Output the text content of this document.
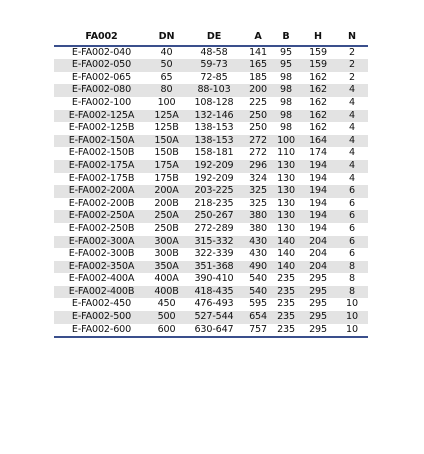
FA002	DN	DE	A	B	H	N
E-FA002-040	40	48-58	141	95	159	2
E-FA002-050	50	59-73	165	95	159	2
E-FA002-065	65	72-85	185	98	162	2
E-FA002-080	80	88-103	200	98	162	4
E-FA002-100	100	108-128	225	98	162	4
E-FA002-125A	125A	132-146	250	98	162	4
E-FA002-125B	125B	138-153	250	98	162	4
E-FA002-150A	150A	138-153	272	100	164	4
E-FA002-150B	150B	158-181	272	110	174	4
E-FA002-175A	175A	192-209	296	130	194	4
E-FA002-175B	175B	192-209	324	130	194	4
E-FA002-200A	200A	203-225	325	130	194	6
E-FA002-200B	200B	218-235	325	130	194	6
E-FA002-250A	250A	250-267	380	130	194	6
E-FA002-250B	250B	272-289	380	130	194	6
E-FA002-300A	300A	315-332	430	140	204	6
E-FA002-300B	300B	322-339	430	140	204	6
E-FA002-350A	350A	351-368	490	140	204	8
E-FA002-400A	400A	390-410	540	235	295	8
E-FA002-400B	400B	418-435	540	235	295	8
E-FA002-450	450	476-493	595	235	295	10
E-FA002-500	500	527-544	654	235	295	10
E-FA002-600	600	630-647	757	235	295	10
